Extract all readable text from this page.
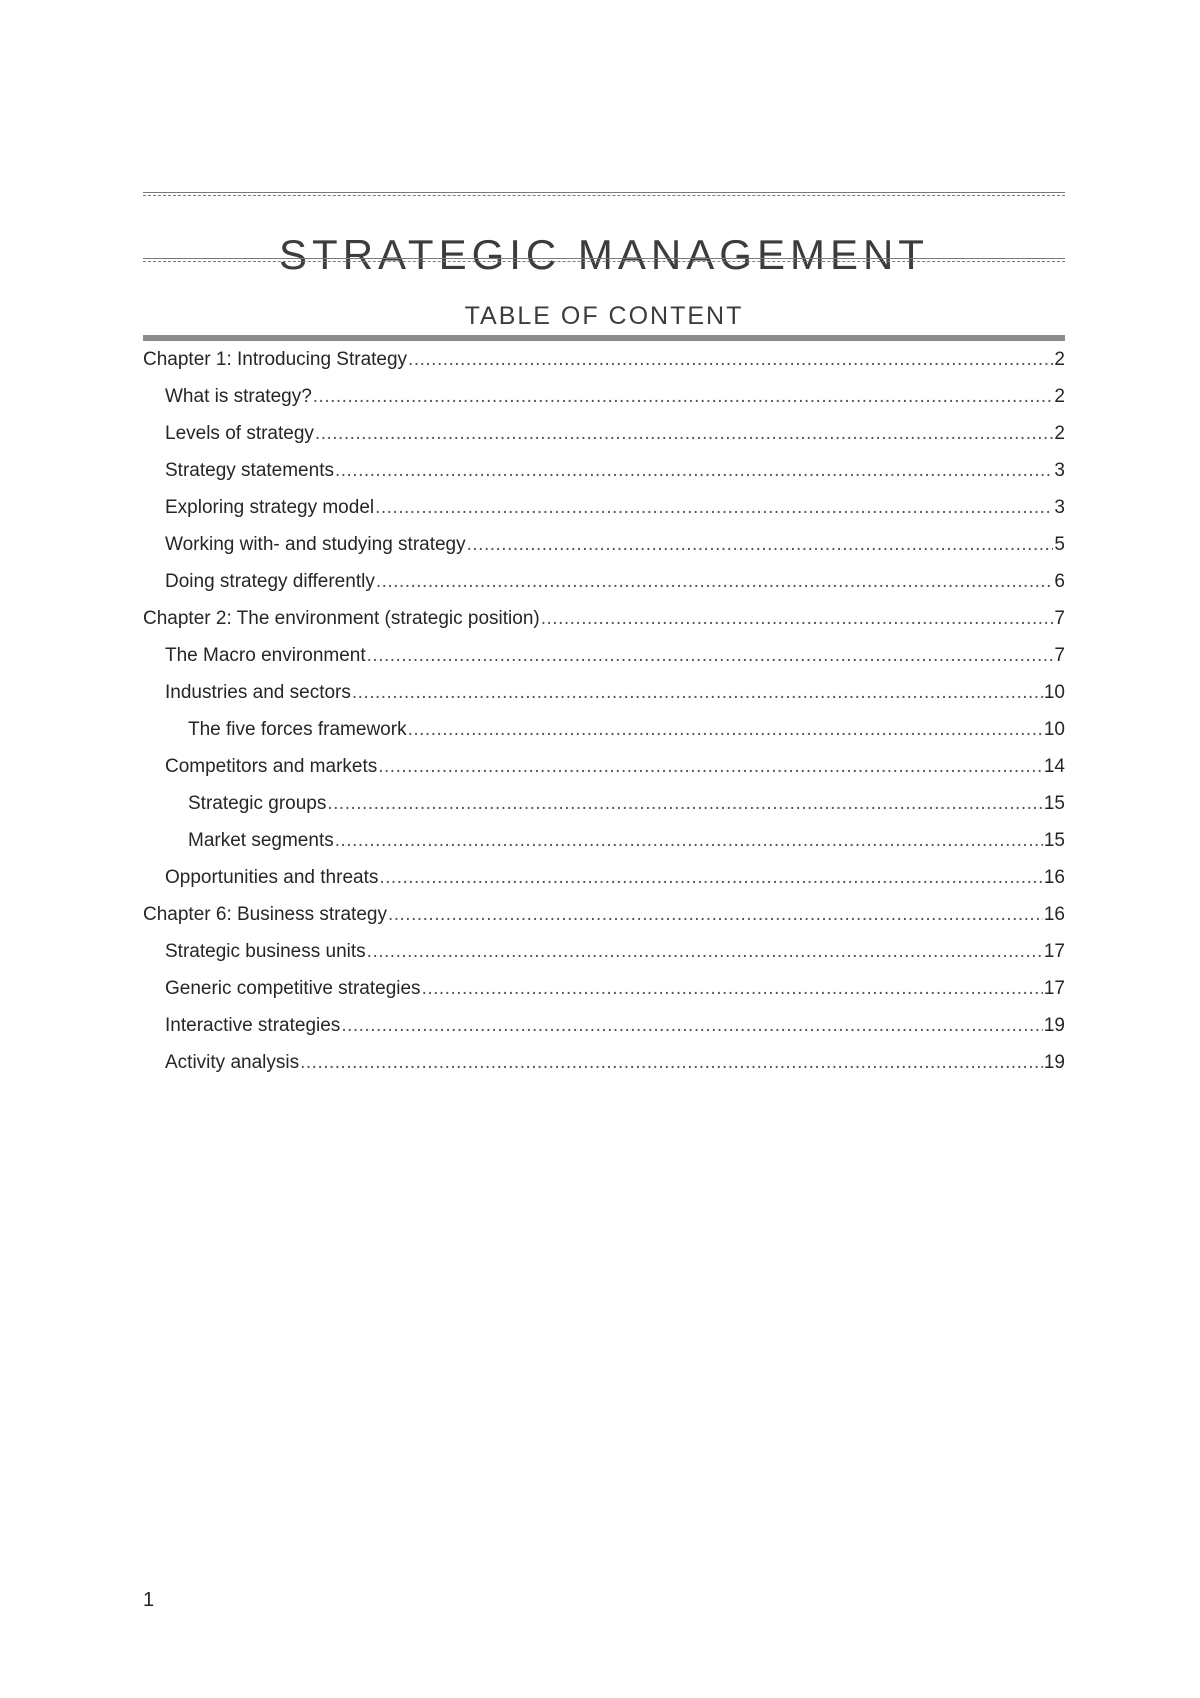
STRATEGIC MANAGEMENT
TABLE OF CONTENT
Chapter 1: Introducing Strategy .....	2
What is strategy? .....	2
Levels of strategy .....	2
Strategy statements .....	3
Exploring strategy model .....	3
Working with- and studying strategy .....	5
Doing strategy differently .....	6
Chapter 2: The environment (strategic position) .....	7
The Macro environment .....	7
Industries and sectors .....	10
The five forces framework .....	10
Competitors and markets .....	14
Strategic groups .....	15
Market segments .....	15
Opportunities and threats .....	16
Chapter 6: Business strategy .....	16
Strategic business units .....	17
Generic competitive strategies .....	17
Interactive strategies .....	19
Activity analysis .....	19
1
